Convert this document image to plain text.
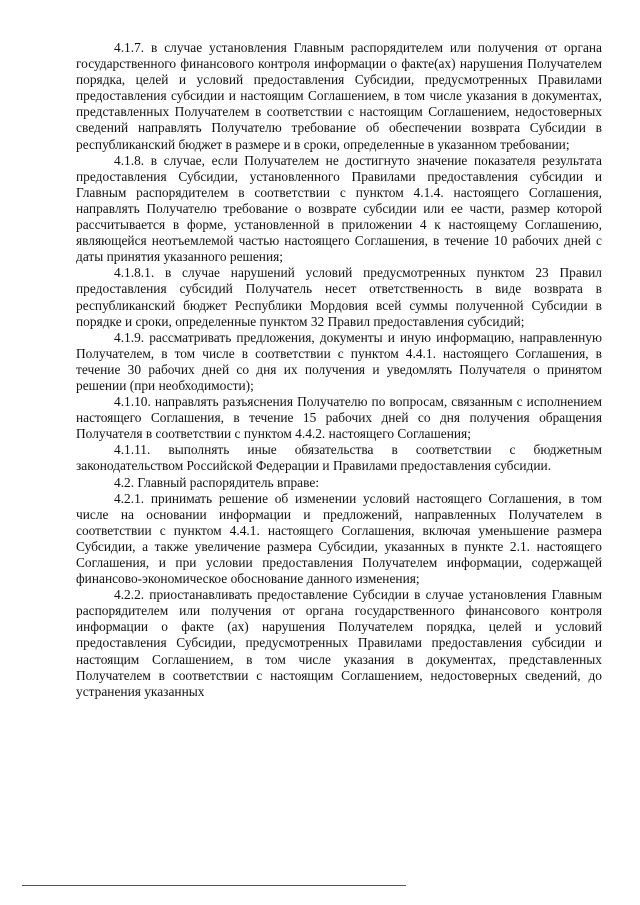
4.1.7. в случае установления Главным распорядителем или получения от органа государственного финансового контроля информации о факте(ах) нарушения Получателем порядка, целей и условий предоставления Субсидии, предусмотренных Правилами предоставления субсидии и настоящим Соглашением, в том числе указания в документах, представленных Получателем в соответствии с настоящим Соглашением, недостоверных сведений направлять Получателю требование об обеспечении возврата Субсидии в республиканский бюджет в размере и в сроки, определенные в указанном требовании;

4.1.8. в случае, если Получателем не достигнуто значение показателя результата предоставления Субсидии, установленного Правилами предоставления субсидии и Главным распорядителем в соответствии с пунктом 4.1.4. настоящего Соглашения, направлять Получателю требование о возврате субсидии или ее части, размер которой рассчитывается в форме, установленной в приложении 4 к настоящему Соглашению, являющейся неотъемлемой частью настоящего Соглашения, в течение 10 рабочих дней с даты принятия указанного решения;

4.1.8.1. в случае нарушений условий предусмотренных пунктом 23 Правил предоставления субсидий Получатель несет ответственность в виде возврата в республиканский бюджет Республики Мордовия всей суммы полученной Субсидии в порядке и сроки, определенные пунктом 32 Правил предоставления субсидий;

4.1.9. рассматривать предложения, документы и иную информацию, направленную Получателем, в том числе в соответствии с пунктом 4.4.1. настоящего Соглашения, в течение 30 рабочих дней со дня их получения и уведомлять Получателя о принятом решении (при необходимости);

4.1.10. направлять разъяснения Получателю по вопросам, связанным с исполнением настоящего Соглашения, в течение 15 рабочих дней со дня получения обращения Получателя в соответствии с пунктом 4.4.2. настоящего Соглашения;

4.1.11. выполнять иные обязательства в соответствии с бюджетным законодательством Российской Федерации и Правилами предоставления субсидии.

4.2. Главный распорядитель вправе:

4.2.1. принимать решение об изменении условий настоящего Соглашения, в том числе на основании информации и предложений, направленных Получателем в соответствии с пунктом 4.4.1. настоящего Соглашения, включая уменьшение размера Субсидии, а также увеличение размера Субсидии, указанных в пункте 2.1. настоящего Соглашения, и при условии предоставления Получателем информации, содержащей финансово-экономическое обоснование данного изменения;

4.2.2. приостанавливать предоставление Субсидии в случае установления Главным распорядителем или получения от органа государственного финансового контроля информации о факте (ах) нарушения Получателем порядка, целей и условий предоставления Субсидии, предусмотренных Правилами предоставления субсидии и настоящим Соглашением, в том числе указания в документах, представленных Получателем в соответствии с настоящим Соглашением, недостоверных сведений, до устранения указанных
